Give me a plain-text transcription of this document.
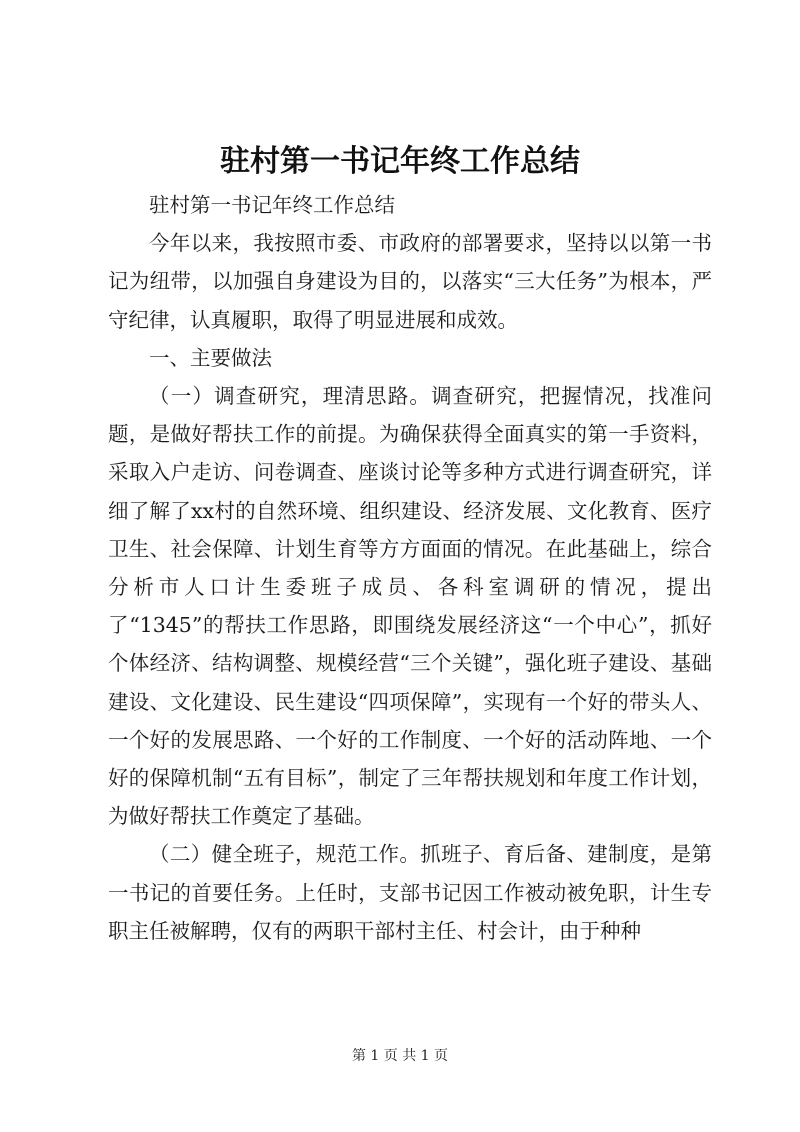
驻村第一书记年终工作总结

驻村第一书记年终工作总结

今年以来，我按照市委、市政府的部署要求，坚持以以第一书记为纽带，以加强自身建设为目的，以落实“三大任务”为根本，严守纪律，认真履职，取得了明显进展和成效。

一、主要做法

（一）调查研究，理清思路。调查研究，把握情况，找准问题，是做好帮扶工作的前提。为确保获得全面真实的第一手资料，采取入户走访、问卷调查、座谈讨论等多种方式进行调查研究，详细了解了xx村的自然环境、组织建设、经济发展、文化教育、医疗卫生、社会保障、计划生育等方方面面的情况。在此基础上，综合分析市人口计生委班子成员、各科室调研的情况，提出了“1345”的帮扶工作思路，即围绕发展经济这“一个中心”，抓好个体经济、结构调整、规模经营“三个关键”，强化班子建设、基础建设、文化建设、民生建设“四项保障”，实现有一个好的带头人、一个好的发展思路、一个好的工作制度、一个好的活动阵地、一个好的保障机制“五有目标”，制定了三年帮扶规划和年度工作计划，为做好帮扶工作奠定了基础。

（二）健全班子，规范工作。抓班子、育后备、建制度，是第一书记的首要任务。上任时，支部书记因工作被动被免职，计生专职主任被解聘，仅有的两职干部村主任、村会计，由于种种

第 1 页 共 1 页
